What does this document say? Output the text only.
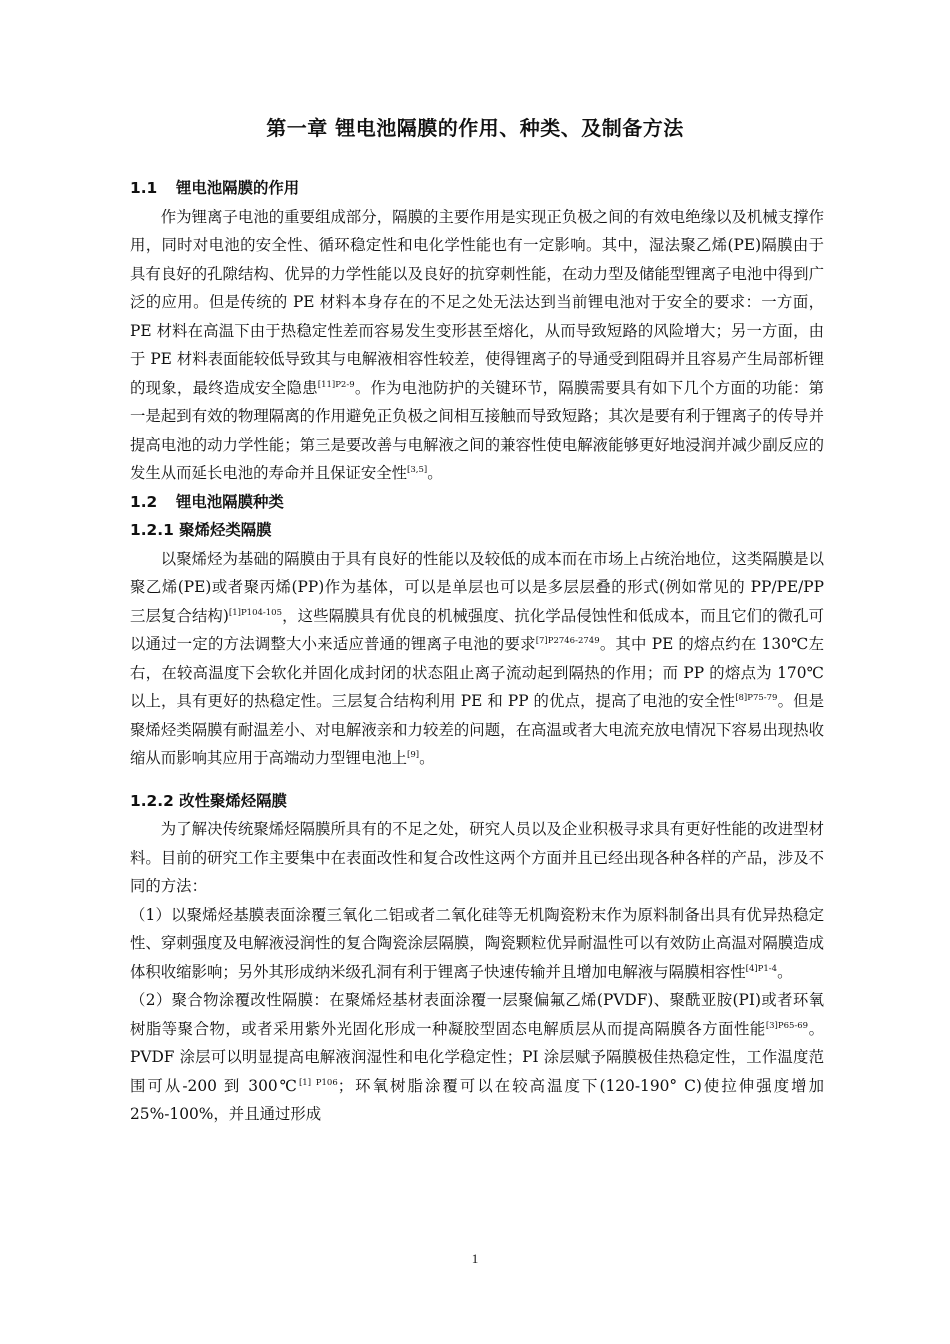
第一章 锂电池隔膜的作用、种类、及制备方法
1.1 锂电池隔膜的作用

作为锂离子电池的重要组成部分，隔膜的主要作用是实现正负极之间的有效电绝缘以及机械支撑作用，同时对电池的安全性、循环稳定性和电化学性能也有一定影响。其中，湿法聚乙烯(PE)隔膜由于具有良好的孔隙结构、优异的力学性能以及良好的抗穿刺性能，在动力型及储能型锂离子电池中得到广泛的应用。但是传统的 PE 材料本身存在的不足之处无法达到当前锂电池对于安全的要求：一方面，PE 材料在高温下由于热稳定性差而容易发生变形甚至熔化，从而导致短路的风险增大；另一方面，由于 PE 材料表面能较低导致其与电解液相容性较差，使得锂离子的导通受到阻碍并且容易产生局部析锂的现象，最终造成安全隐患$^{[11]P2-9}$。作为电池防护的关键环节，隔膜需要具有如下几个方面的功能：第一是起到有效的物理隔离的作用避免正负极之间相互接触而导致短路；其次是要有利于锂离子的传导并提高电池的动力学性能；第三是要改善与电解液之间的兼容性使电解液能够更好地浸润并减少副反应的发生从而延长电池的寿命并且保证安全性[3,5]。

1.2 锂电池隔膜种类
1.2.1 聚烯烃类隔膜

以聚烯烃为基础的隔膜由于具有良好的性能以及较低的成本而在市场上占统治地位，这类隔膜是以聚乙烯(PE)或者聚丙烯(PP)作为基体，可以是单层也可以是多层层叠的形式(例如常见的 PP/PE/PP 三层复合结构)$^{[1]P104-105}$，这些隔膜具有优良的机械强度、抗化学品侵蚀性和低成本，而且它们的微孔可以通过一定的方法调整大小来适应普通的锂离子电池的要求$^{[7]P2746-2749}$。其中 PE 的熔点约在 130℃左右，在较高温度下会软化并固化成封闭的状态阻止离子流动起到隔热的作用；而 PP 的熔点为 170℃以上，具有更好的热稳定性。三层复合结构利用 PE 和 PP 的优点，提高了电池的安全性$^{[8]P75-79}$。但是聚烯烃类隔膜有耐温差小、对电解液亲和力较差的问题，在高温或者大电流充放电情况下容易出现热收缩从而影响其应用于高端动力型锂电池上[9]。

1.2.2 改性聚烯烃隔膜

为了解决传统聚烯烃隔膜所具有的不足之处，研究人员以及企业积极寻求具有更好性能的改进型材料。目前的研究工作主要集中在表面改性和复合改性这两个方面并且已经出现各种各样的产品，涉及不同的方法：

（1）以聚烯烃基膜表面涂覆三氧化二铝或者二氧化硅等无机陶瓷粉末作为原料制备出具有优异热稳定性、穿刺强度及电解液浸润性的复合陶瓷涂层隔膜，陶瓷颗粒优异耐温性可以有效防止高温对隔膜造成体积收缩影响；另外其形成纳米级孔洞有利于锂离子快速传输并且增加电解液与隔膜相容性$^{[4]P1-4}$。

（2）聚合物涂覆改性隔膜：在聚烯烃基材表面涂覆一层聚偏氟乙烯(PVDF)、聚酰亚胺(PI)或者环氧树脂等聚合物，或者采用紫外光固化形成一种凝胶型固态电解质层从而提高隔膜各方面性能$^{[3]P65-69}$。PVDF 涂层可以明显提高电解液润湿性和电化学稳定性；PI 涂层赋予隔膜极佳热稳定性，工作温度范围可从-200 到 300℃$^{[1] P106}$；环氧树脂涂覆可以在较高温度下(120-190° C)使拉伸强度增加 25%-100%，并且通过形成

1
